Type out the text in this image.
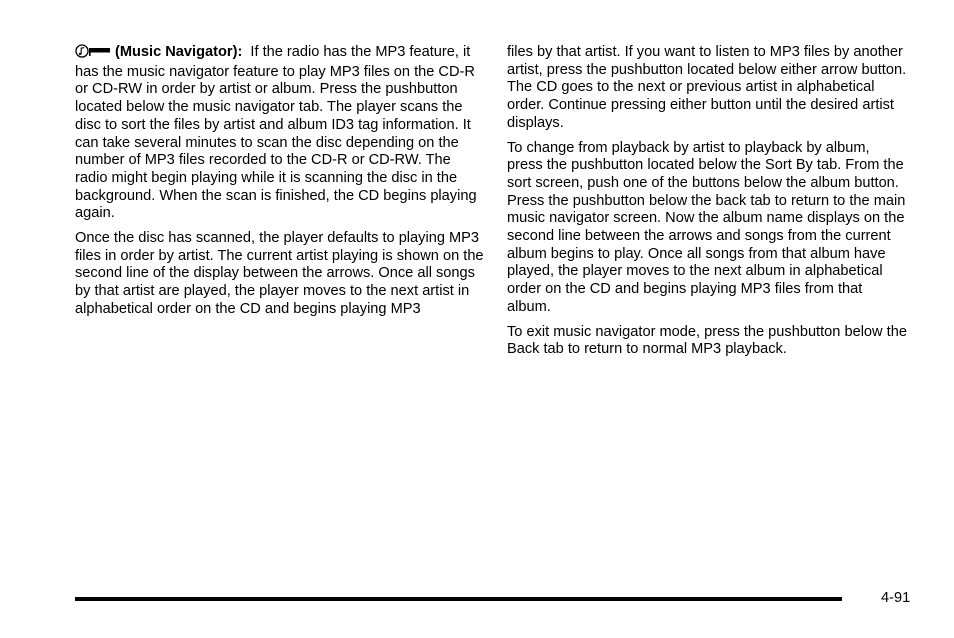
(Music Navigator): If the radio has the MP3 feature, it has the music navigator feature to play MP3 files on the CD-R or CD-RW in order by artist or album. Press the pushbutton located below the music navigator tab. The player scans the disc to sort the files by artist and album ID3 tag information. It can take several minutes to scan the disc depending on the number of MP3 files recorded to the CD-R or CD-RW. The radio might begin playing while it is scanning the disc in the background. When the scan is finished, the CD begins playing again.

Once the disc has scanned, the player defaults to playing MP3 files in order by artist. The current artist playing is shown on the second line of the display between the arrows. Once all songs by that artist are played, the player moves to the next artist in alphabetical order on the CD and begins playing MP3

files by that artist. If you want to listen to MP3 files by another artist, press the pushbutton located below either arrow button. The CD goes to the next or previous artist in alphabetical order. Continue pressing either button until the desired artist displays.

To change from playback by artist to playback by album, press the pushbutton located below the Sort By tab. From the sort screen, push one of the buttons below the album button. Press the pushbutton below the back tab to return to the main music navigator screen. Now the album name displays on the second line between the arrows and songs from the current album begins to play. Once all songs from that album have played, the player moves to the next album in alphabetical order on the CD and begins playing MP3 files from that album.

To exit music navigator mode, press the pushbutton below the Back tab to return to normal MP3 playback.

4-91
